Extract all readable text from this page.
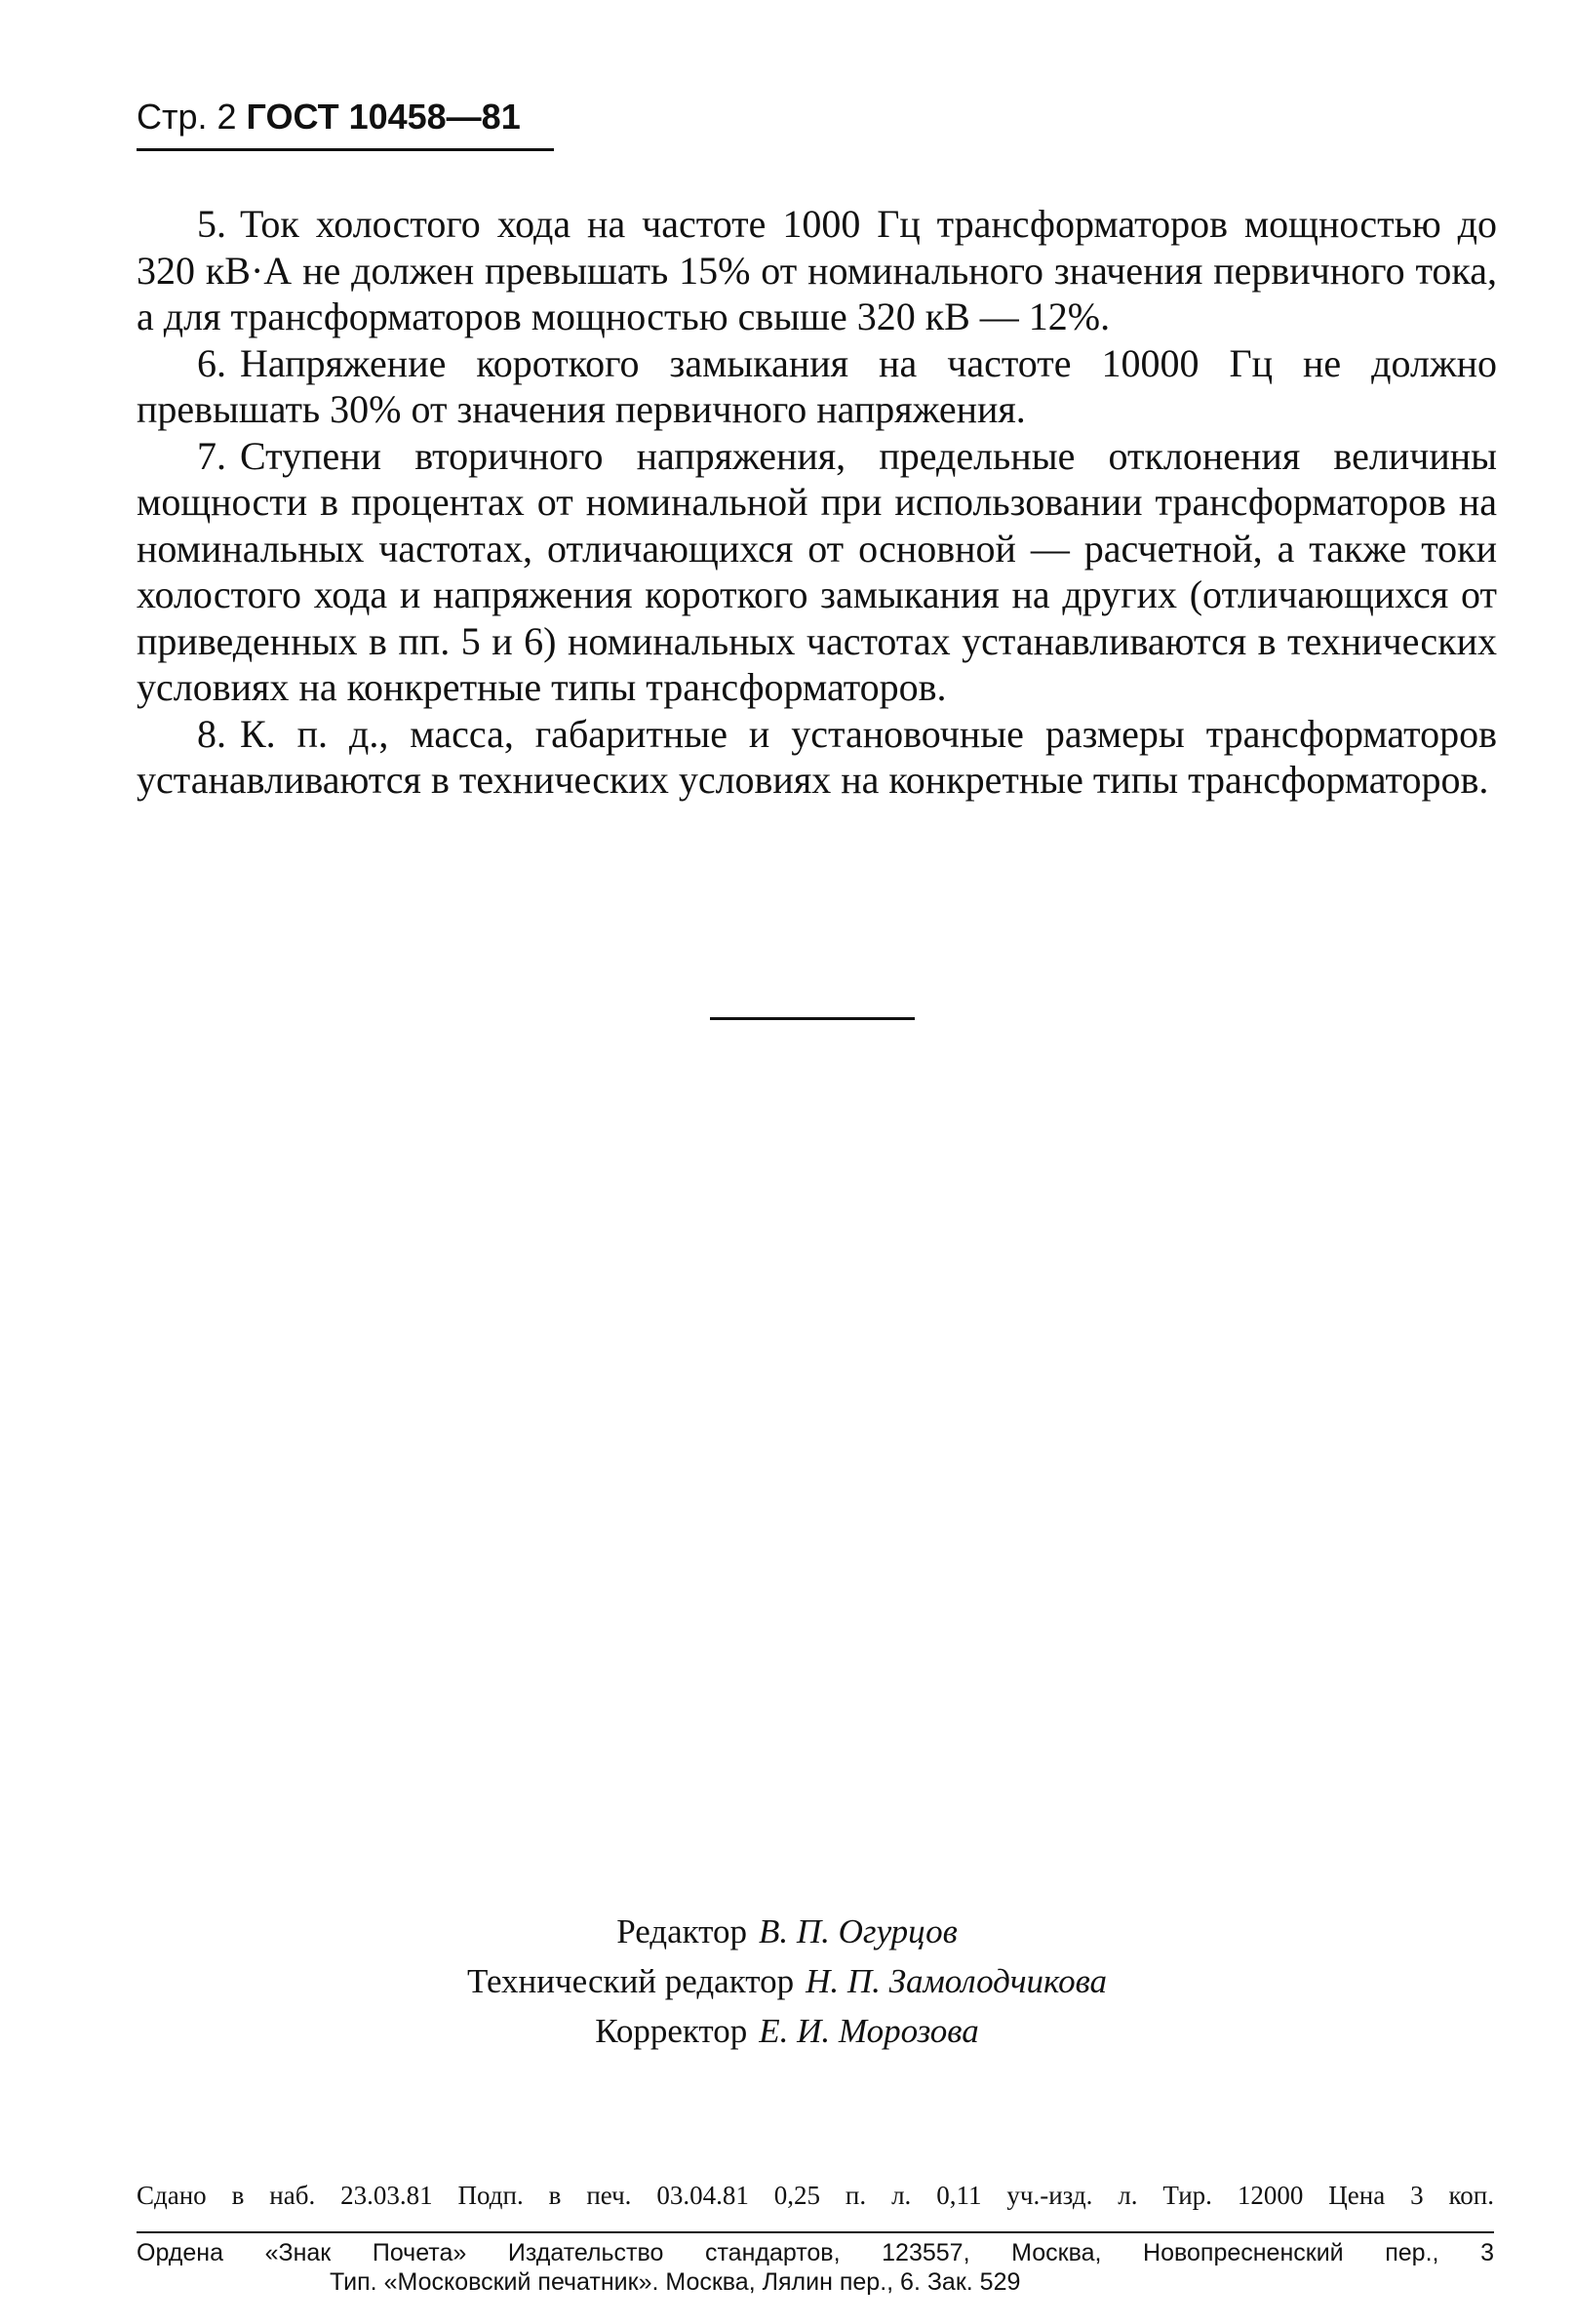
Стр. 2 ГОСТ 10458—81

5. Ток холостого хода на частоте 1000 Гц трансформаторов мощностью до 320 кВ·А не должен превышать 15% от номинального значения первичного тока, а для трансформаторов мощностью свыше 320 кВ — 12%.

6. Напряжение короткого замыкания на частоте 10000 Гц не должно превышать 30% от значения первичного напряжения.

7. Ступени вторичного напряжения, предельные отклонения величины мощности в процентах от номинальной при использовании трансформаторов на номинальных частотах, отличающихся от основной — расчетной, а также токи холостого хода и напряжения короткого замыкания на других (отличающихся от приведенных в пп. 5 и 6) номинальных частотах устанавливаются в технических условиях на конкретные типы трансформаторов.

8. К. п. д., масса, габаритные и установочные размеры трансформаторов устанавливаются в технических условиях на конкретные типы трансформаторов.

Редактор В. П. Огурцов
Технический редактор Н. П. Замолодчикова
Корректор Е. И. Морозова
Сдано в наб. 23.03.81 Подп. в печ. 03.04.81 0,25 п. л. 0,11 уч.-изд. л. Тир. 12000 Цена 3 коп.
Ордена «Знак Почета» Издательство стандартов, 123557, Москва, Новопресненский пер., 3
Тип. «Московский печатник». Москва, Лялин пер., 6. Зак. 529
